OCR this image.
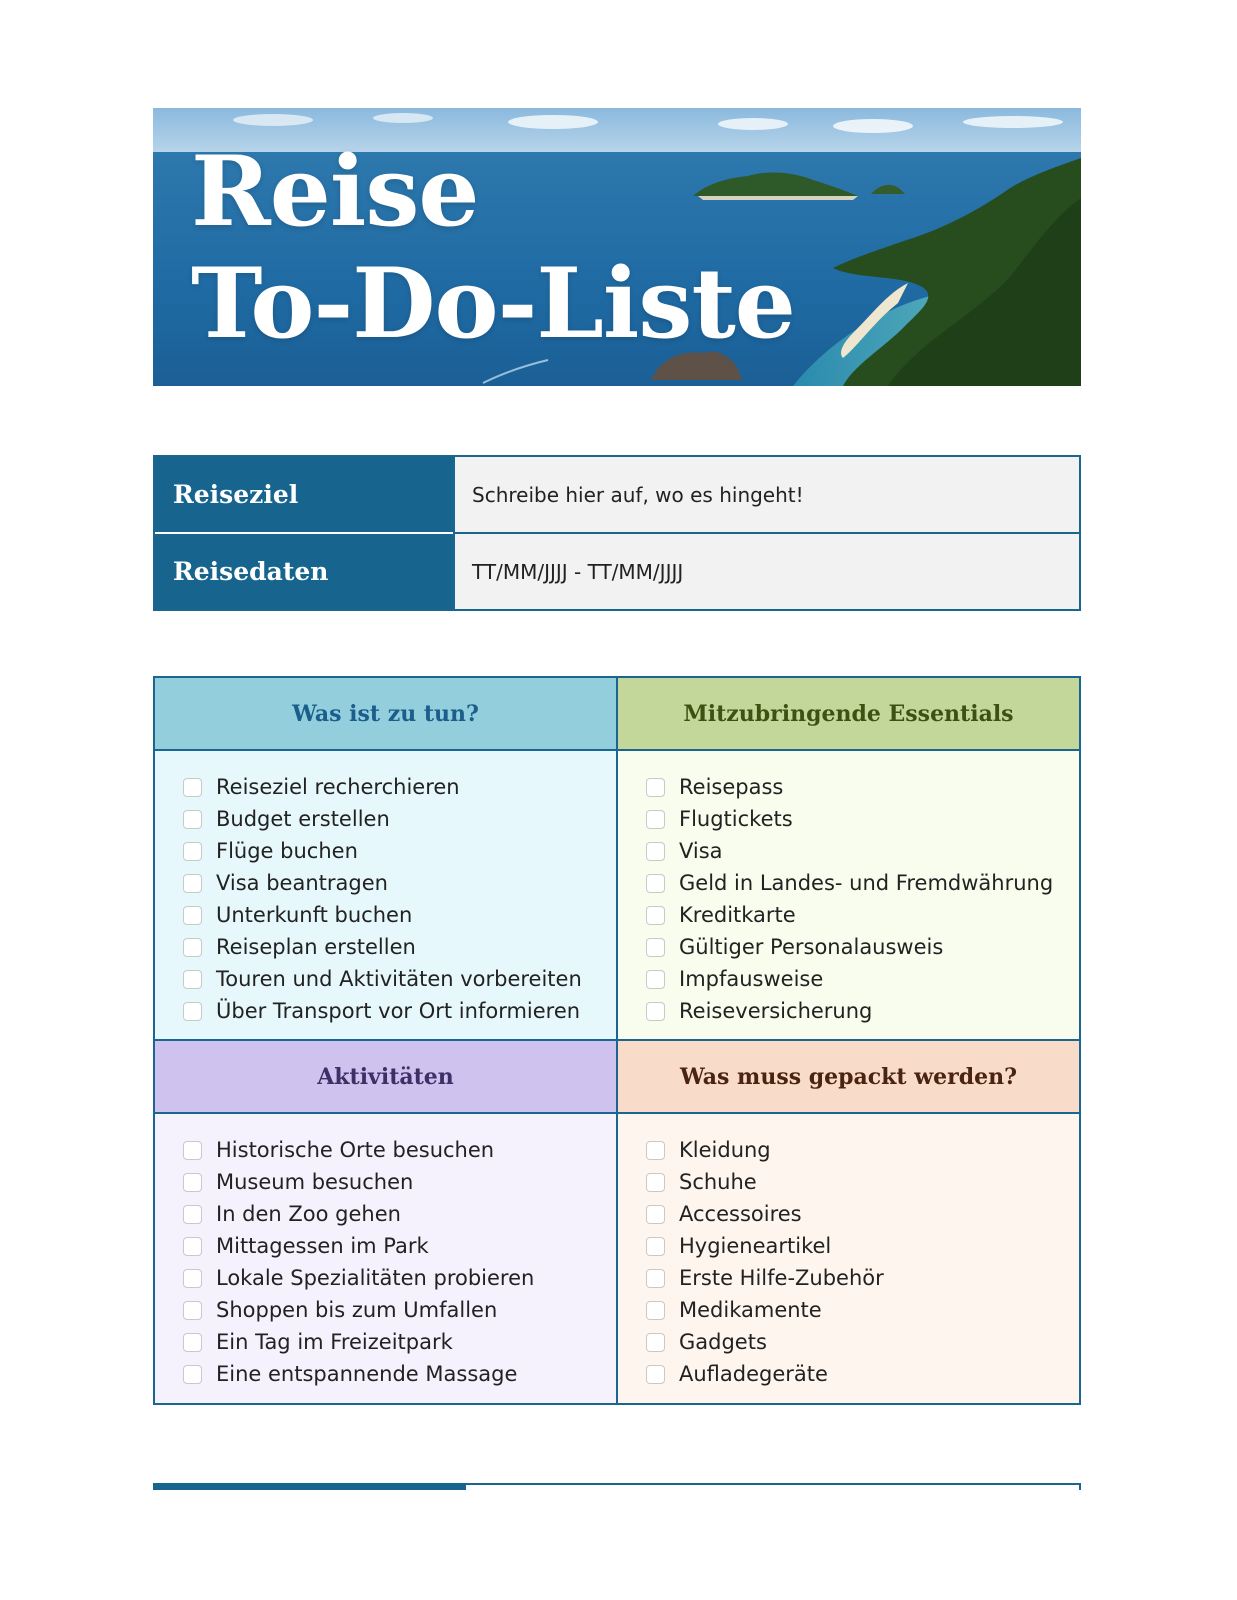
Reise
To-Do-Liste
Reiseziel	Schreibe hier auf, wo es hingeht!
Reisedaten	TT/MM/JJJJ - TT/MM/JJJJ
Was ist zu tun?	Mitzubringende Essentials
Aktivitäten	Was muss gepackt werden?
Reiseziel recherchieren
Budget erstellen
Flüge buchen
Visa beantragen
Unterkunft buchen
Reiseplan erstellen
Touren und Aktivitäten vorbereiten
Über Transport vor Ort informieren
Reisepass
Flugtickets
Visa
Geld in Landes- und Fremdwährung
Kreditkarte
Gültiger Personalausweis
Impfausweise
Reiseversicherung
Historische Orte besuchen
Museum besuchen
In den Zoo gehen
Mittagessen im Park
Lokale Spezialitäten probieren
Shoppen bis zum Umfallen
Ein Tag im Freizeitpark
Eine entspannende Massage
Kleidung
Schuhe
Accessoires
Hygieneartikel
Erste Hilfe-Zubehör
Medikamente
Gadgets
Aufladegeräte
